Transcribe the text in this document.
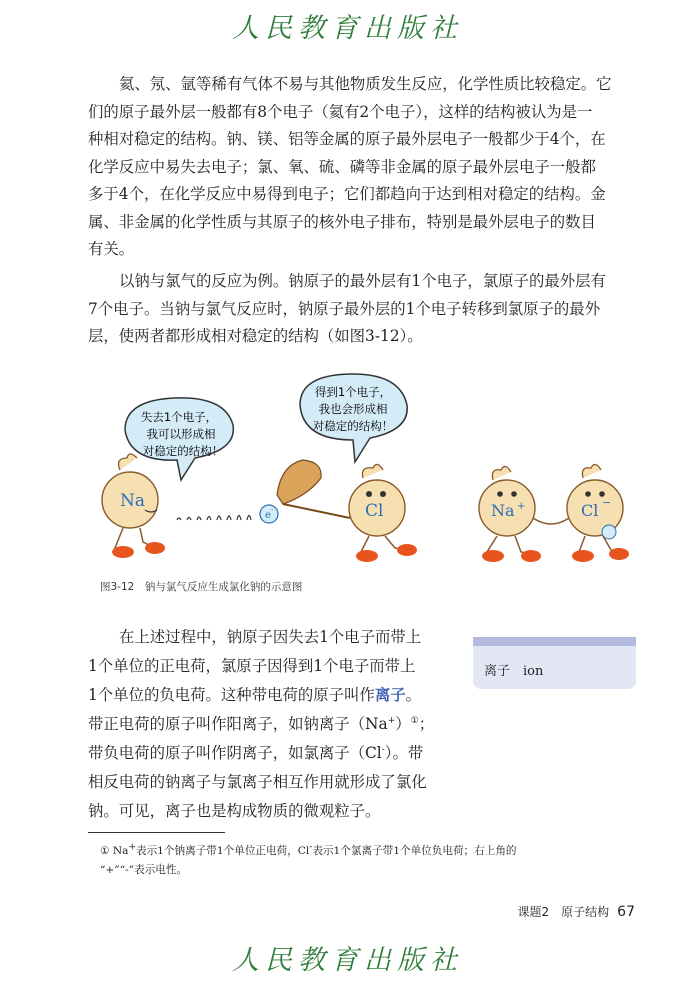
人民教育出版社

氦、氖、氩等稀有气体不易与其他物质发生反应，化学性质比较稳定。它
们的原子最外层一般都有8个电子（氦有2个电子），这样的结构被认为是一
种相对稳定的结构。钠、镁、铝等金属的原子最外层电子一般都少于4个，在
化学反应中易失去电子；氯、氧、硫、磷等非金属的原子最外层电子一般都
多于4个，在化学反应中易得到电子；它们都趋向于达到相对稳定的结构。金
属、非金属的化学性质与其原子的核外电子排布，特别是最外层电子的数目
有关。

以钠与氯气的反应为例。钠原子的最外层有1个电子，氯原子的最外层有
7个电子。当钠与氯气反应时，钠原子最外层的1个电子转移到氯原子的最外
层，使两者都形成相对稳定的结构（如图3-12）。

失去1个电子，
我可以形成相
对稳定的结构！
得到1个电子，
我也会形成相
对稳定的结构！
Na
e -	Cl	Na +	Cl −
图3-12　钠与氯气反应生成氯化钠的示意图

在上述过程中，钠原子因失去1个电子而带上
1个单位的正电荷，氯原子因得到1个电子而带上
1个单位的负电荷。这种带电荷的原子叫作离子。
带正电荷的原子叫作阳离子，如钠离子（Na+）①；
带负电荷的原子叫作阴离子，如氯离子（Cl-）。带
相反电荷的钠离子与氯离子相互作用就形成了氯化
钠。可见，离子也是构成物质的微观粒子。

离子　ion
① Na+表示1个钠离子带1个单位正电荷，Cl-表示1个氯离子带1个单位负电荷；右上角的
“+”“-”表示电性。
课题2　原子结构 67
人民教育出版社
